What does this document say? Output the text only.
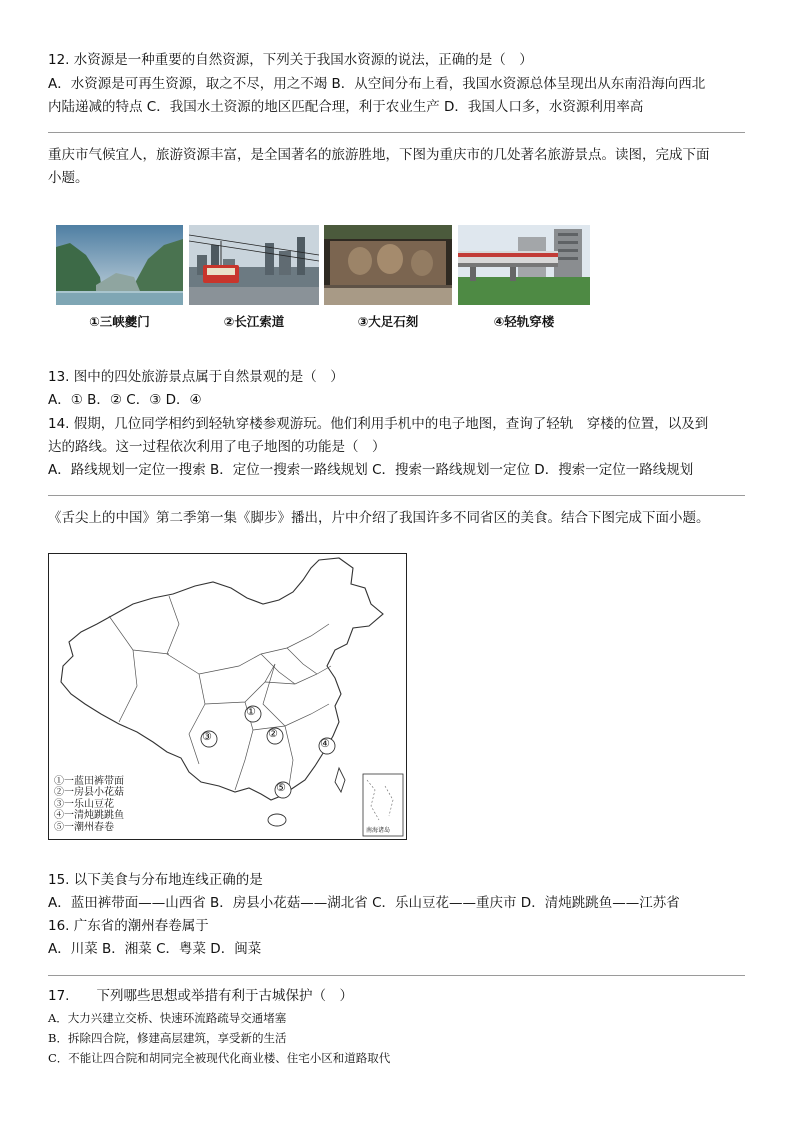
12. 水资源是一种重要的自然资源，下列关于我国水资源的说法，正确的是（　）
A．水资源是可再生资源，取之不尽，用之不竭 B．从空间分布上看，我国水资源总体呈现出从东南沿海向西北
内陆递减的特点 C．我国水土资源的地区匹配合理，利于农业生产 D．我国人口多，水资源利用率高
重庆市气候宜人，旅游资源丰富，是全国著名的旅游胜地，下图为重庆市的几处著名旅游景点。读图，完成下面
小题。
①三峡夔门	②长江索道	③大足石刻	④轻轨穿楼
13. 图中的四处旅游景点属于自然景观的是（　）
A．① B．② C．③ D．④
14. 假期，几位同学相约到轻轨穿楼参观游玩。他们利用手机中的电子地图，查询了轻轨　穿楼的位置，以及到
达的路线。这一过程依次利用了电子地图的功能是（　）
A．路线规划一定位一搜索 B．定位一搜索一路线规划 C．搜索一路线规划一定位 D．搜索一定位一路线规划
《舌尖上的中国》第二季第一集《脚步》播出，片中介绍了我国许多不同省区的美食。结合下图完成下面小题。
①
②
③
④
⑤
①一蓝田裤带面
②一房县小花菇
③一乐山豆花
④一清炖跳跳鱼
⑤一潮州春卷	南海诸岛
15. 以下美食与分布地连线正确的是
A．蓝田裤带面——山西省 B．房县小花菇——湖北省 C．乐山豆花——重庆市 D．清炖跳跳鱼——江苏省
16. 广东省的潮州春卷属于
A．川菜 B．湘菜 C．粤菜 D．闽菜
17.　　下列哪些思想或举措有利于古城保护（　）
A．大力兴建立交桥、快速环流路疏导交通堵塞
B．拆除四合院，修建高层建筑，享受新的生活
C．不能让四合院和胡同完全被现代化商业楼、住宅小区和道路取代
